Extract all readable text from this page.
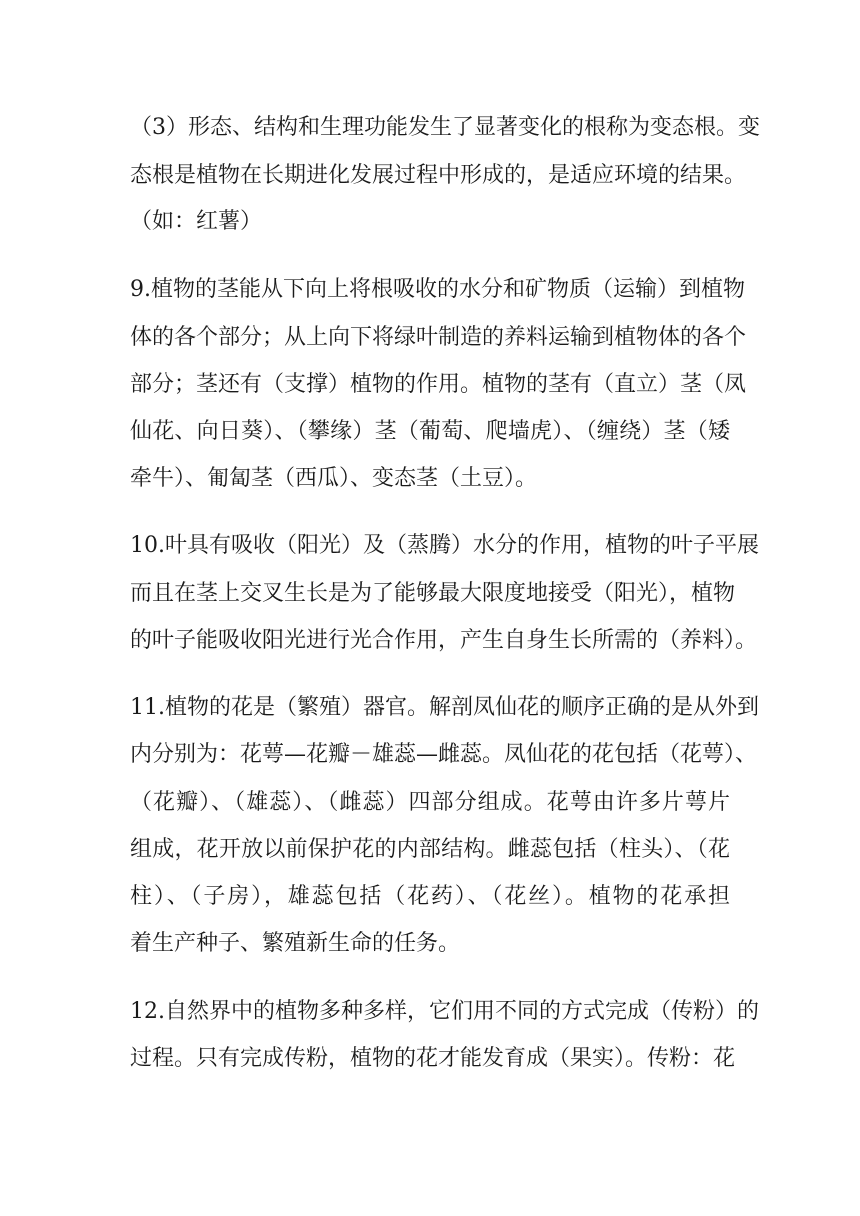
（3）形态、结构和生理功能发生了显著变化的根称为变态根。变
态根是植物在长期进化发展过程中形成的，是适应环境的结果。
（如：红薯）
9.植物的茎能从下向上将根吸收的水分和矿物质（运输）到植物
体的各个部分；从上向下将绿叶制造的养料运输到植物体的各个
部分；茎还有（支撑）植物的作用。植物的茎有（直立）茎（凤
仙花、向日葵）、（攀缘）茎（葡萄、爬墙虎）、（缠绕）茎（矮
牵牛）、匍匐茎（西瓜）、变态茎（土豆）。
10.叶具有吸收（阳光）及（蒸腾）水分的作用，植物的叶子平展
而且在茎上交叉生长是为了能够最大限度地接受（阳光），植物
的叶子能吸收阳光进行光合作用，产生自身生长所需的（养料）。
11.植物的花是（繁殖）器官。解剖凤仙花的顺序正确的是从外到
内分别为：花萼—花瓣－雄蕊—雌蕊。凤仙花的花包括（花萼）、
（花瓣）、（雄蕊）、（雌蕊）四部分组成。花萼由许多片萼片
组成，花开放以前保护花的内部结构。雌蕊包括（柱头）、（花
柱）、（子房），雄蕊包括（花药）、（花丝）。植物的花承担
着生产种子、繁殖新生命的任务。
12.自然界中的植物多种多样，它们用不同的方式完成（传粉）的
过程。只有完成传粉，植物的花才能发育成（果实）。传粉：花
